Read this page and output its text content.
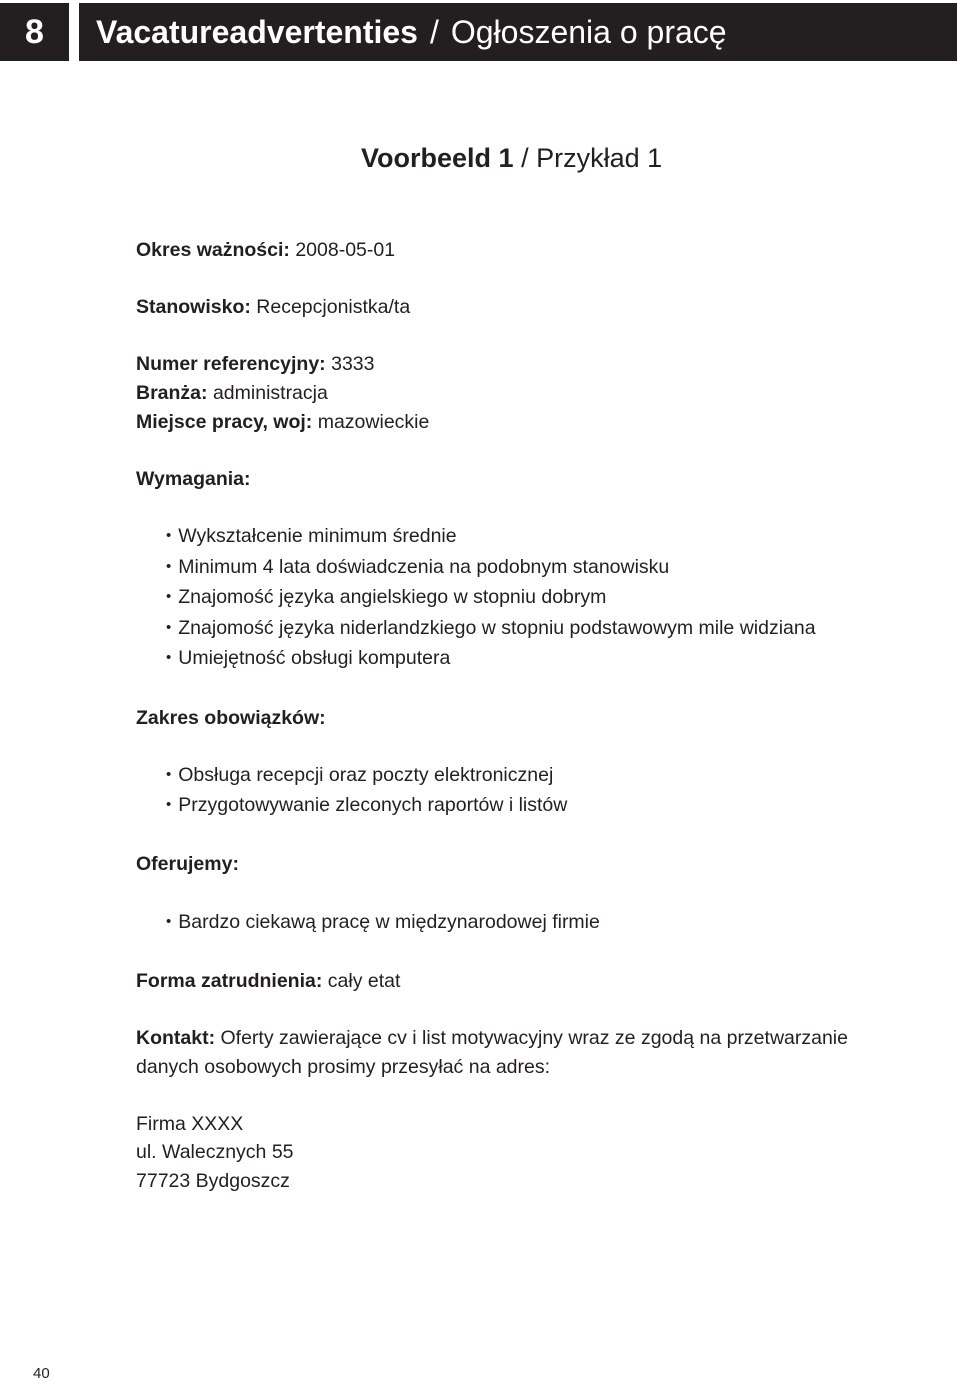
8	Vacatureadvertenties / Ogłoszenia o pracę
Voorbeeld 1 / Przykład 1

Okres ważności: 2008-05-01

Stanowisko: Recepcjonistka/ta

Numer referencyjny: 3333

Branża: administracja

Miejsce pracy, woj: mazowieckie

Wymagania:

• Wykształcenie minimum średnie
• Minimum 4 lata doświadczenia na podobnym stanowisku
• Znajomość języka angielskiego w stopniu dobrym
• Znajomość języka niderlandzkiego w stopniu podstawowym mile widziana
• Umiejętność obsługi komputera

Zakres obowiązków:

• Obsługa recepcji oraz poczty elektronicznej
• Przygotowywanie zleconych raportów i listów

Oferujemy:

• Bardzo ciekawą pracę w międzynarodowej firmie

Forma zatrudnienia: cały etat

Kontakt: Oferty zawierające cv i list motywacyjny wraz ze zgodą na przetwarzanie

danych osobowych prosimy przesyłać na adres:

Firma XXXX

ul. Walecznych 55

77723 Bydgoszcz

40
